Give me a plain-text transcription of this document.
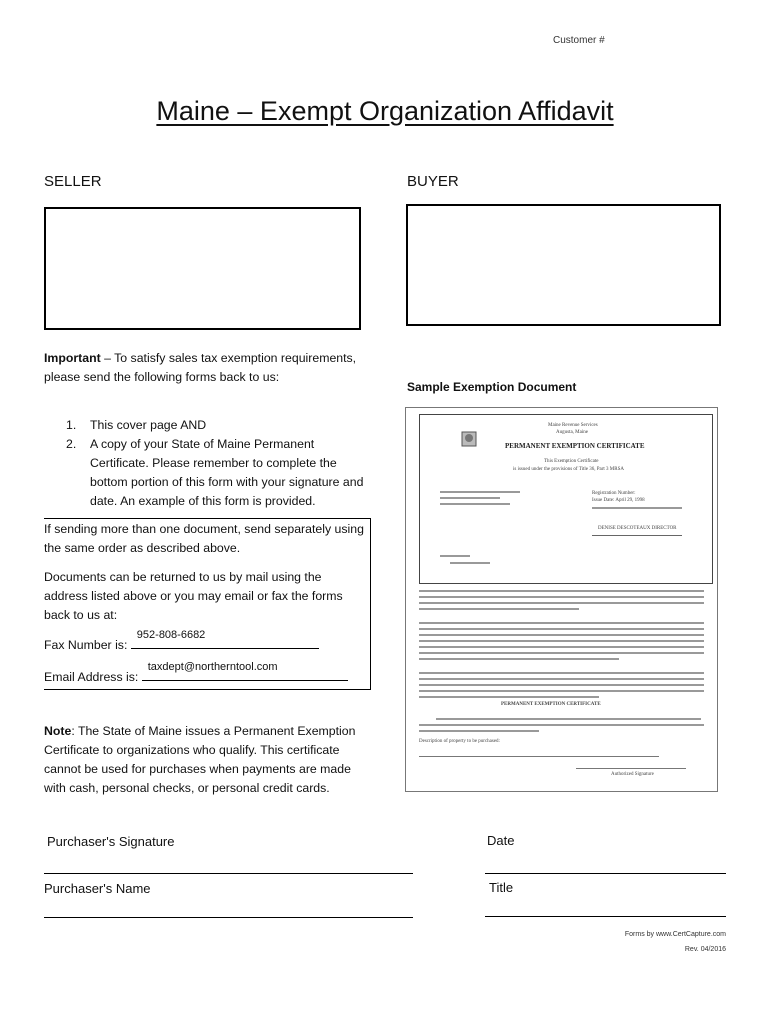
Customer #
Maine – Exempt Organization Affidavit
SELLER	BUYER
Important – To satisfy sales tax exemption requirements, please send the following forms back to us:
1.	This cover page AND
2.	A copy of your State of Maine Permanent Certificate. Please remember to complete the bottom portion of this form with your signature and date. An example of this form is provided.
If sending more than one document, send separately using the same order as described above.
Documents can be returned to us by mail using the address listed above or you may email or fax the forms back to us at:
Fax Number is:
952-808-6682
Email Address is:
taxdept@northerntool.com
Note: The State of Maine issues a Permanent Exemption Certificate to organizations who qualify. This certificate cannot be used for purchases when payments are made with cash, personal checks, or personal credit cards.
Sample Exemption Document
Maine Revenue Services
Augusta, Maine
PERMANENT EXEMPTION CERTIFICATE
This Exemption Certificate
is issued under the provisions of Title 36, Part 3 MRSA
Registration Number:
Issue Date: April 29, 1998
DENISE DESCOTEAUX DIRECTOR
PERMANENT EXEMPTION CERTIFICATE
Description of property to be purchased:
Authorized Signature
Purchaser's Signature	Date
Purchaser's Name	Title
Forms by www.CertCapture.com
Rev. 04/2016
